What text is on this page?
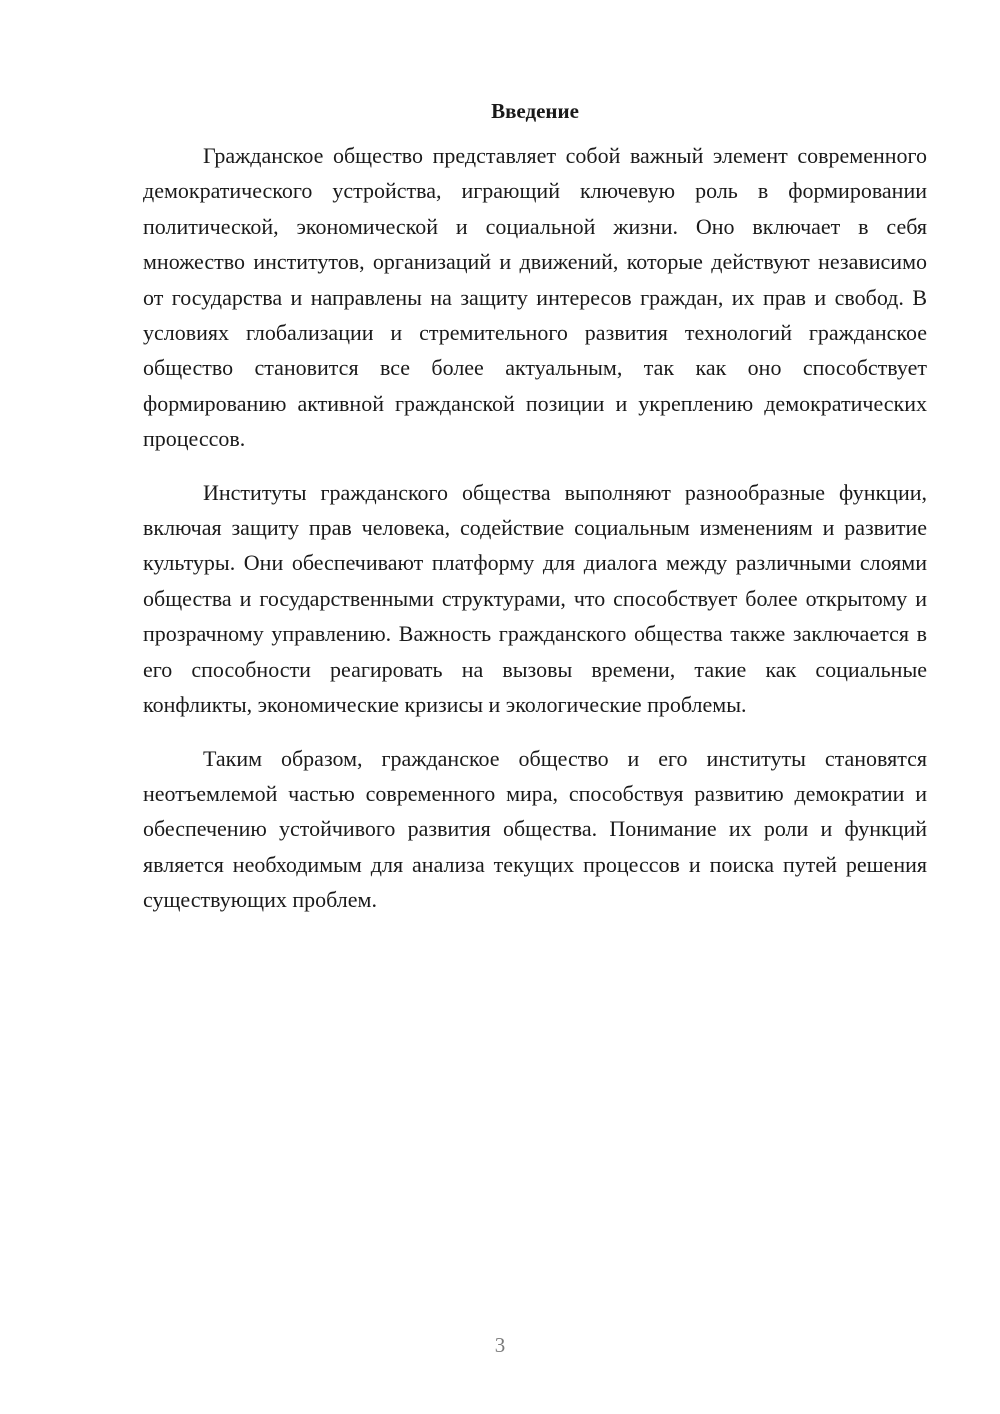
Введение

Гражданское общество представляет собой важный элемент современного демократического устройства, играющий ключевую роль в формировании политической, экономической и социальной жизни. Оно включает в себя множество институтов, организаций и движений, которые действуют независимо от государства и направлены на защиту интересов граждан, их прав и свобод. В условиях глобализации и стремительного развития технологий гражданское общество становится все более актуальным, так как оно способствует формированию активной гражданской позиции и укреплению демократических процессов.

Институты гражданского общества выполняют разнообразные функции, включая защиту прав человека, содействие социальным изменениям и развитие культуры. Они обеспечивают платформу для диалога между различными слоями общества и государственными структурами, что способствует более открытому и прозрачному управлению. Важность гражданского общества также заключается в его способности реагировать на вызовы времени, такие как социальные конфликты, экономические кризисы и экологические проблемы.

Таким образом, гражданское общество и его институты становятся неотъемлемой частью современного мира, способствуя развитию демократии и обеспечению устойчивого развития общества. Понимание их роли и функций является необходимым для анализа текущих процессов и поиска путей решения существующих проблем.

3
